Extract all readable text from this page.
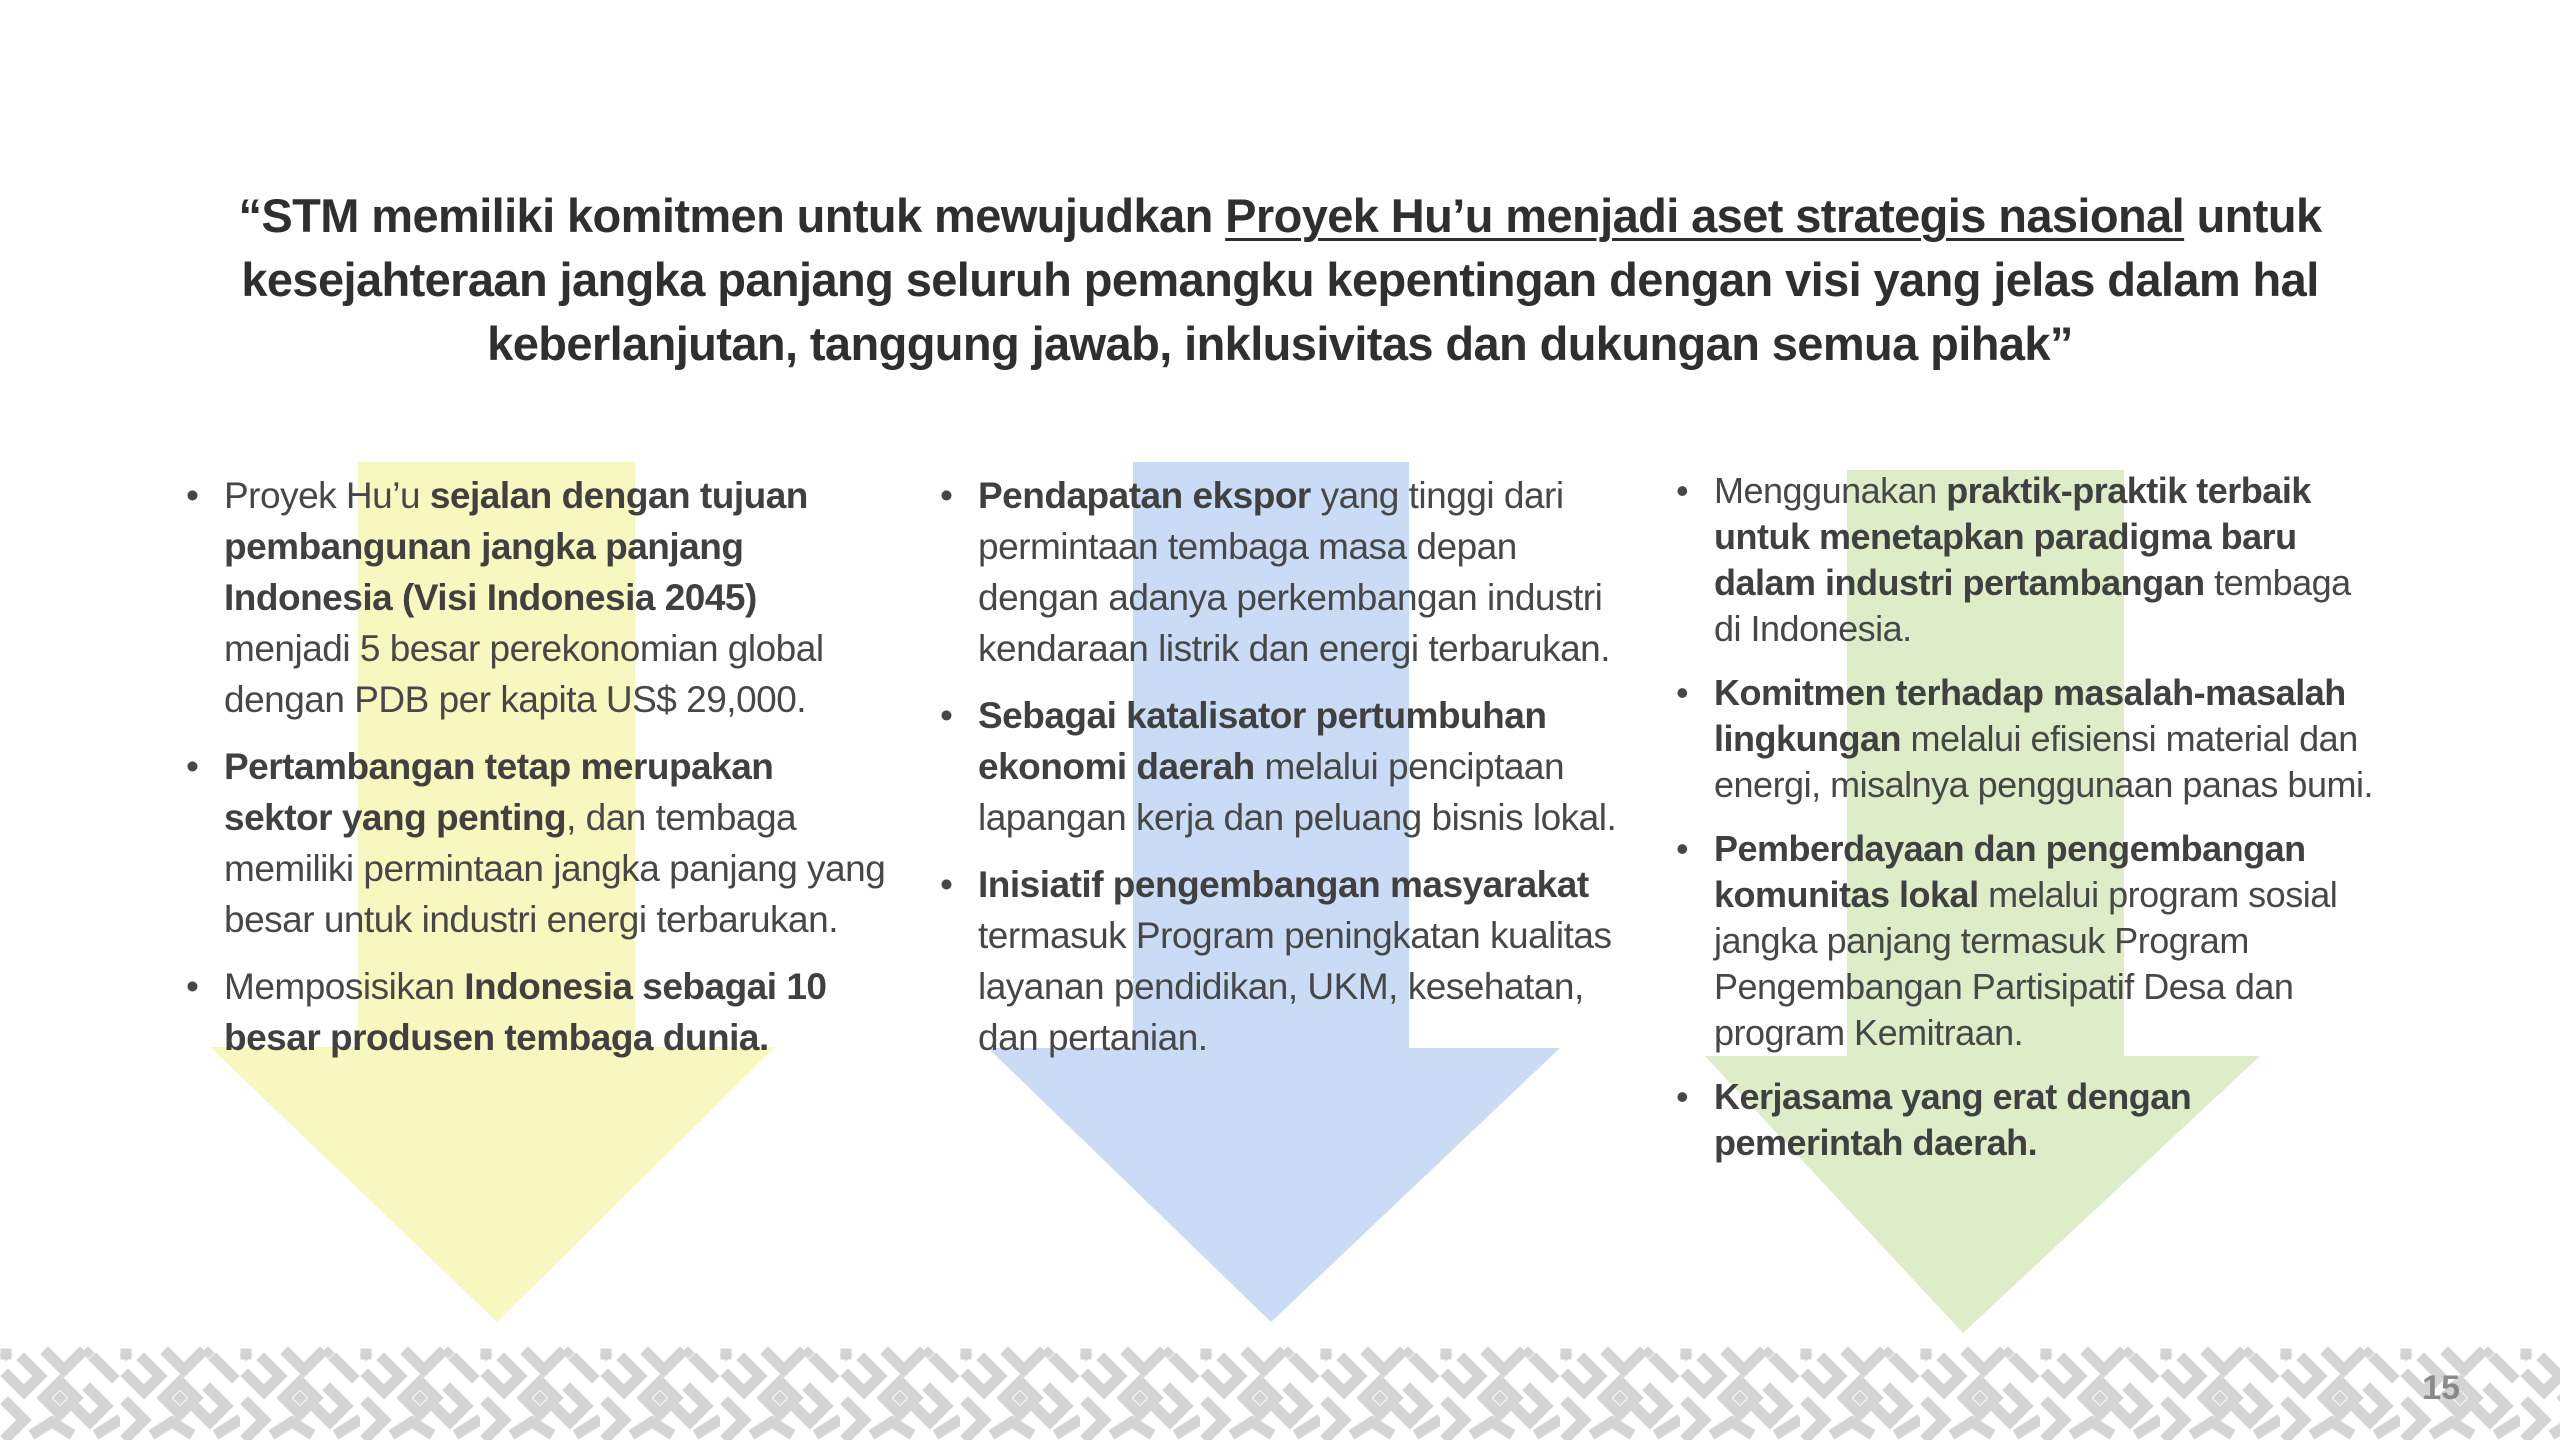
“STM memiliki komitmen untuk mewujudkan Proyek Hu’u menjadi aset strategis nasional untuk kesejahteraan jangka panjang seluruh pemangku kepentingan dengan visi yang jelas dalam hal keberlanjutan, tanggung jawab, inklusivitas dan dukungan semua pihak”
• Proyek Hu’u sejalan dengan tujuan pembangunan jangka panjang Indonesia (Visi Indonesia 2045) menjadi 5 besar perekonomian global dengan PDB per kapita US$ 29,000.
• Pertambangan tetap merupakan sektor yang penting, dan tembaga memiliki permintaan jangka panjang yang besar untuk industri energi terbarukan.
• Memposisikan Indonesia sebagai 10 besar produsen tembaga dunia.
• Pendapatan ekspor yang tinggi dari permintaan tembaga masa depan dengan adanya perkembangan industri kendaraan listrik dan energi terbarukan.
• Sebagai katalisator pertumbuhan ekonomi daerah melalui penciptaan lapangan kerja dan peluang bisnis lokal.
• Inisiatif pengembangan masyarakat termasuk Program peningkatan kualitas layanan pendidikan, UKM, kesehatan, dan pertanian.
• Menggunakan praktik-praktik terbaik untuk menetapkan paradigma baru dalam industri pertambangan tembaga di Indonesia.
• Komitmen terhadap masalah-masalah lingkungan melalui efisiensi material dan energi, misalnya penggunaan panas bumi.
• Pemberdayaan dan pengembangan komunitas lokal melalui program sosial jangka panjang termasuk Program Pengembangan Partisipatif Desa dan program Kemitraan.
• Kerjasama yang erat dengan pemerintah daerah.
15
